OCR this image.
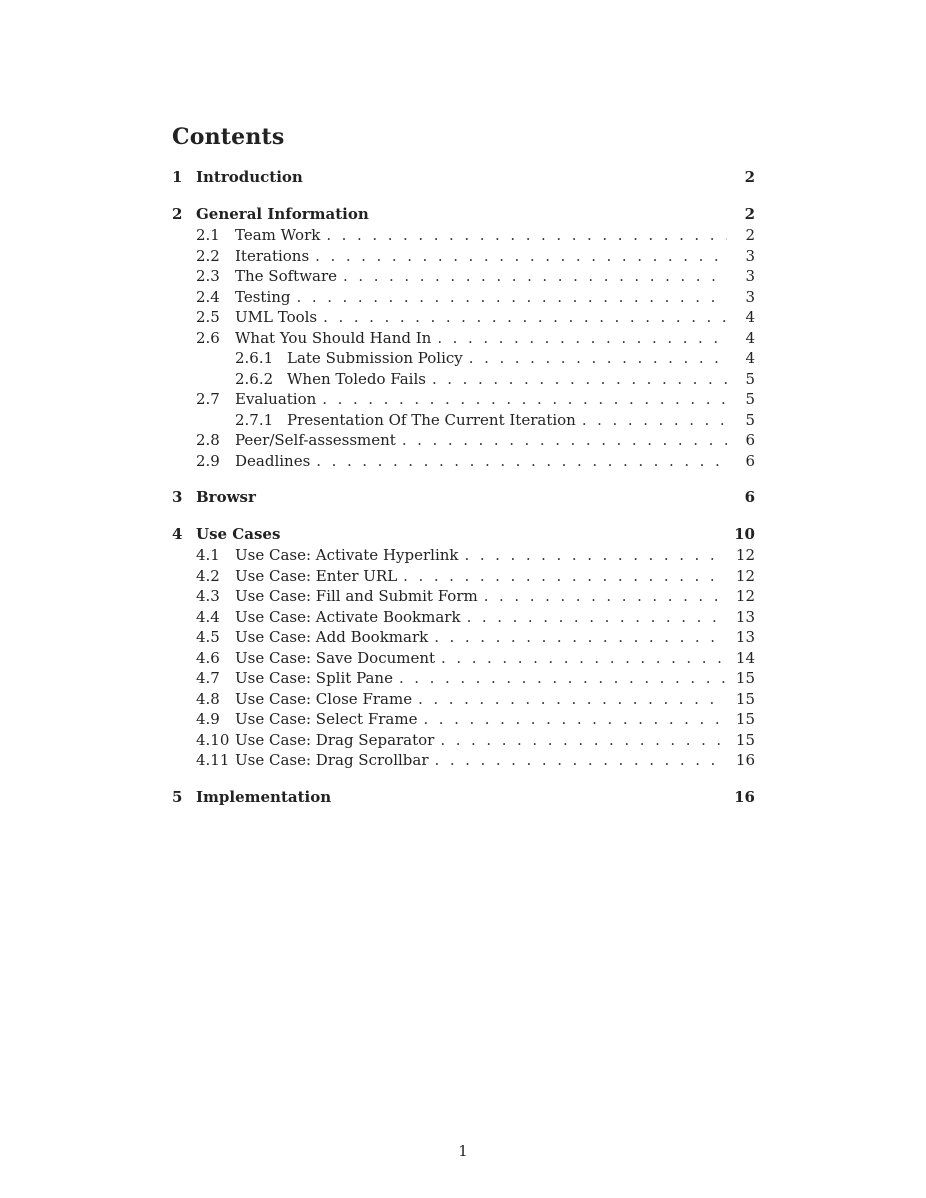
Contents
1 Introduction	2
2 General Information	2
2.1	Team Work . . .	2
2.2	Iterations . . .	3
2.3	The Software . . .	3
2.4	Testing . . .	3
2.5	UML Tools . . .	4
2.6	What You Should Hand In . . .	4
2.6.1 Late Submission Policy . . .	4
2.6.2 When Toledo Fails . . .	5
2.7	Evaluation . . .	5
2.7.1 Presentation Of The Current Iteration . . .	5
2.8	Peer/Self-assessment . . .	6
2.9	Deadlines . . .	6
3 Browsr	6
4 Use Cases	10
4.1	Use Case: Activate Hyperlink . . .	12
4.2	Use Case: Enter URL . . .	12
4.3	Use Case: Fill and Submit Form . . .	12
4.4	Use Case: Activate Bookmark . . .	13
4.5	Use Case: Add Bookmark . . .	13
4.6	Use Case: Save Document . . .	14
4.7	Use Case: Split Pane . . .	15
4.8	Use Case: Close Frame . . .	15
4.9	Use Case: Select Frame . . .	15
4.10 Use Case: Drag Separator . . .	15
4.11 Use Case: Drag Scrollbar . . .	16
5 Implementation	16
1
